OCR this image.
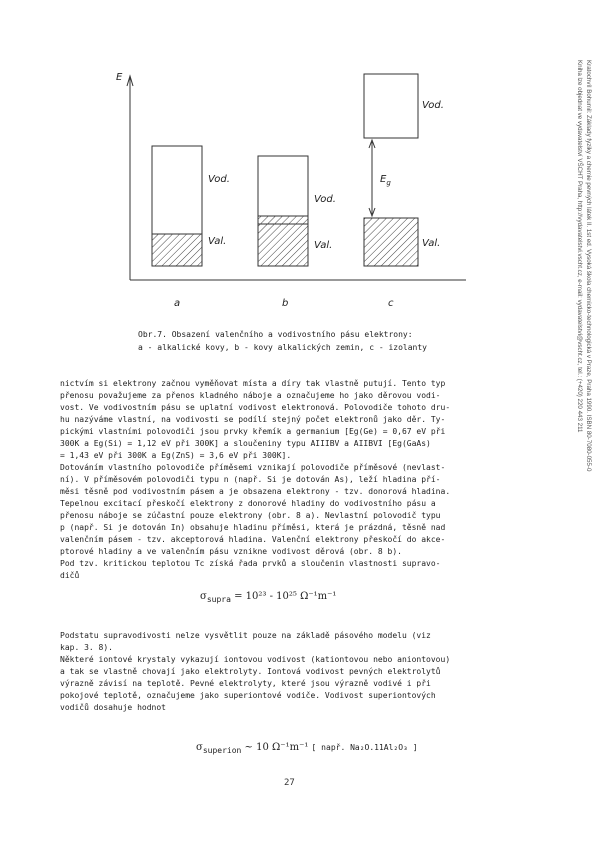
E
Vod.
Val.
Vod.
Val.
Vod.
Val.
$E_g$
a	b	c
Obr.7. Obsazení valenčního a vodivostního pásu elektrony:
a - alkalické kovy, b - kovy alkalických zemin, c - izolanty
nictvím si elektrony začnou vyměňovat místa a díry tak vlastně putují. Tento typ
přenosu považujeme za přenos kladného náboje a označujeme ho jako děrovou vodi-
vost. Ve vodivostním pásu se uplatní vodivost elektronová. Polovodiče tohoto dru-
hu nazýváme vlastní, na vodivosti se podílí stejný počet elektronů jako děr. Ty-
pickými vlastními polovodiči jsou prvky křemík a germanium [Eg(Ge) = 0,67 eV při
300K a Eg(Si) = 1,12 eV při 300K] a sloučeniny typu AIIIBV a AIIBVI [Eg(GaAs)
= 1,43 eV při 300K a Eg(ZnS) = 3,6 eV při 300K].
Dotováním vlastního polovodiče příměsemi vznikají polovodiče příměsové (nevlast-
ní). V příměsovém polovodiči typu n (např. Si je dotován As), leží hladina pří-
měsi těsně pod vodivostním pásem a je obsazena elektrony - tzv. donorová hladina.
Tepelnou excitací přeskočí elektrony z donorové hladiny do vodivostního pásu a
přenosu náboje se zúčastní pouze elektrony (obr. 8 a). Nevlastní polovodič typu
p (např. Si je dotován In) obsahuje hladinu příměsi, která je prázdná, těsně nad
valenčním pásem - tzv. akceptorová hladina. Valenční elektrony přeskočí do akce-
ptorové hladiny a ve valenčním pásu vznikne vodivost děrová (obr. 8 b).
Pod tzv. kritickou teplotou Tc získá řada prvků a sloučenin vlastnosti supravo-
dičů
$\sigma_{supra} = 10^{23} - 10^{25}$ Ω⁻¹m⁻¹
Podstatu supravodivosti nelze vysvětlit pouze na základě pásového modelu (viz
kap. 3. 8).
Některé iontové krystaly vykazují iontovou vodivost (kationtovou nebo aniontovou)
a tak se vlastně chovají jako elektrolyty. Iontová vodivost pevných elektrolytů
výrazně závisí na teplotě. Pevné elektrolyty, které jsou výrazně vodivé i při
pokojové teplotě, označujeme jako superiontové vodiče. Vodivost superiontových
vodičů dosahuje hodnot
$\sigma_{superion}$ ~ 10 Ω⁻¹m⁻¹ [ např. Na₂O.11Al₂O₃ ]
27
Kratochvíl Bohumil: Základy fyziky a chemie pevných látek II. 1st ed. Vysoká škola chemicko-technologická v Praze, Praha 1990. ISBN 80-7080-055-0
Kniha lze objednat ve vydavatelství VŠCHT Praha, http://vydavatelstvi.vscht.cz, e-mail: vydavatelstvi@vscht.cz, tel.: (+420) 220 443 211
